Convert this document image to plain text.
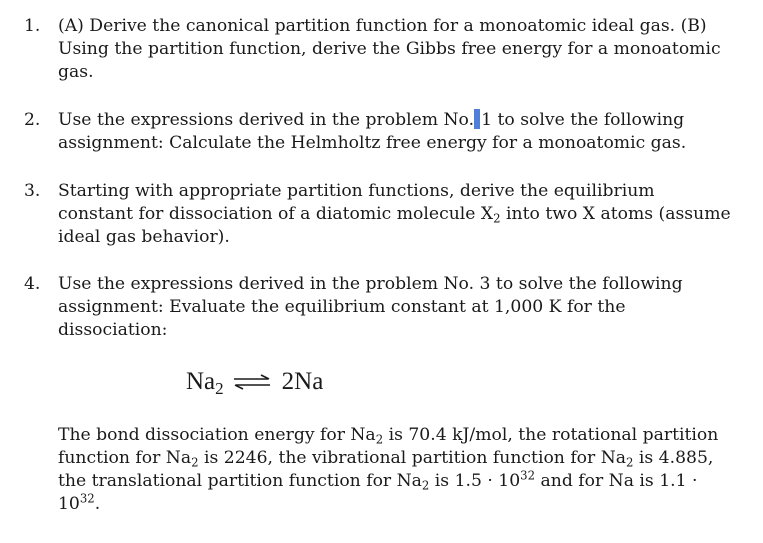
1.	(A) Derive the canonical partition function for a monoatomic ideal gas. (B)
Using the partition function, derive the Gibbs free energy for a monoatomic
gas.
2.	Use the expressions derived in the problem No. 1 to solve the following
assignment: Calculate the Helmholtz free energy for a monoatomic gas.
3.	Starting with appropriate partition functions, derive the equilibrium
constant for dissociation of a diatomic molecule $X_2$ into two X atoms (assume
ideal gas behavior).
4.	Use the expressions derived in the problem No. 3 to solve the following
assignment: Evaluate the equilibrium constant at 1,000 K for the
dissociation:
$Na_2$ ⇌ 2Na
The bond dissociation energy for $Na_2$ is 70.4 kJ/mol, the rotational partition
function for $Na_2$ is 2246, the vibrational partition function for $Na_2$ is 4.885,
the translational partition function for $Na_2$ is $1.5 \cdot 10^{32}$ and for Na is 1.1 ·
$10^{32}$.
